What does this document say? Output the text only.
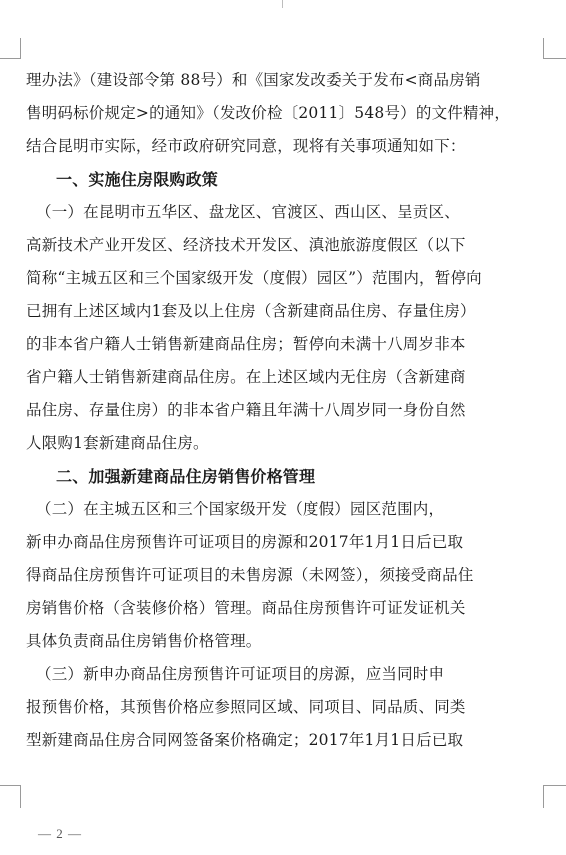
理办法》（建设部令第 88号）和《国家发改委关于发布<商品房销
售明码标价规定>的通知》（发改价检〔2011〕548号）的文件精神，
结合昆明市实际，经市政府研究同意，现将有关事项通知如下：
一、实施住房限购政策
（一）在昆明市五华区、盘龙区、官渡区、西山区、呈贡区、
高新技术产业开发区、经济技术开发区、滇池旅游度假区（以下
简称“主城五区和三个国家级开发（度假）园区”）范围内，暂停向
已拥有上述区域内1套及以上住房（含新建商品住房、存量住房）
的非本省户籍人士销售新建商品住房；暂停向未满十八周岁非本
省户籍人士销售新建商品住房。在上述区域内无住房（含新建商
品住房、存量住房）的非本省户籍且年满十八周岁同一身份自然
人限购1套新建商品住房。
二、加强新建商品住房销售价格管理
（二）在主城五区和三个国家级开发（度假）园区范围内，
新申办商品住房预售许可证项目的房源和2017年1月1日后已取
得商品住房预售许可证项目的未售房源（未网签），须接受商品住
房销售价格（含装修价格）管理。商品住房预售许可证发证机关
具体负责商品住房销售价格管理。
（三）新申办商品住房预售许可证项目的房源，应当同时申
报预售价格，其预售价格应参照同区域、同项目、同品质、同类
型新建商品住房合同网签备案价格确定；2017年1月1日后已取
— 2 —
